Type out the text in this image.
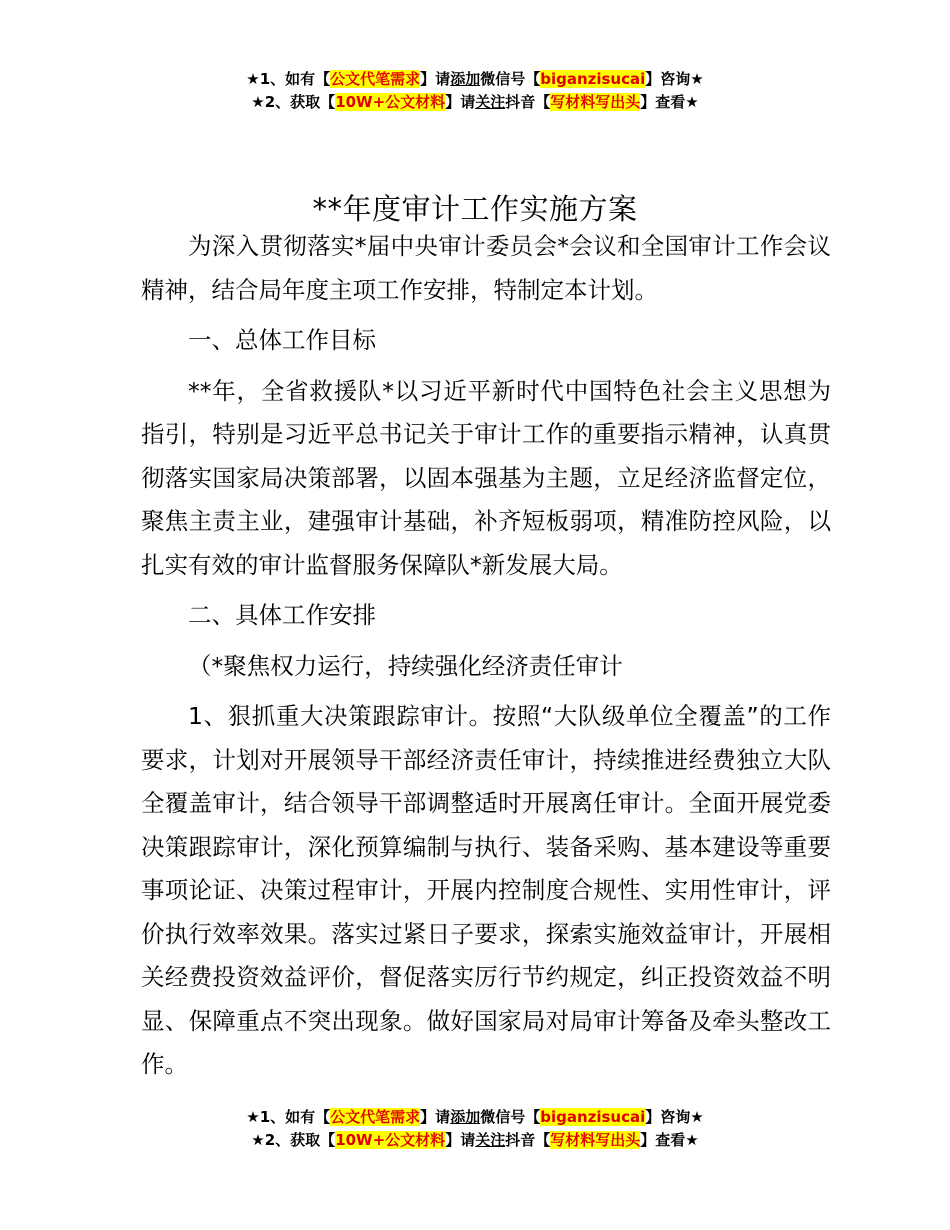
★1、如有【公文代笔需求】请添加微信号【biganzisucai】咨询★
★2、获取【10W+公文材料】请关注抖音【写材料写出头】查看★
**年度审计工作实施方案

为深入贯彻落实*届中央审计委员会*会议和全国审计工作会议精神，结合局年度主项工作安排，特制定本计划。

一、总体工作目标

**年，全省救援队*以习近平新时代中国特色社会主义思想为指引，特别是习近平总书记关于审计工作的重要指示精神，认真贯彻落实国家局决策部署，以固本强基为主题，立足经济监督定位，聚焦主责主业，建强审计基础，补齐短板弱项，精准防控风险，以扎实有效的审计监督服务保障队*新发展大局。

二、具体工作安排

（*聚焦权力运行，持续强化经济责任审计

1、狠抓重大决策跟踪审计。按照“大队级单位全覆盖”的工作要求，计划对开展领导干部经济责任审计，持续推进经费独立大队全覆盖审计，结合领导干部调整适时开展离任审计。全面开展党委决策跟踪审计，深化预算编制与执行、装备采购、基本建设等重要事项论证、决策过程审计，开展内控制度合规性、实用性审计，评价执行效率效果。落实过紧日子要求，探索实施效益审计，开展相关经费投资效益评价，督促落实厉行节约规定，纠正投资效益不明显、保障重点不突出现象。做好国家局对局审计筹备及牵头整改工作。

★1、如有【公文代笔需求】请添加微信号【biganzisucai】咨询★
★2、获取【10W+公文材料】请关注抖音【写材料写出头】查看★
